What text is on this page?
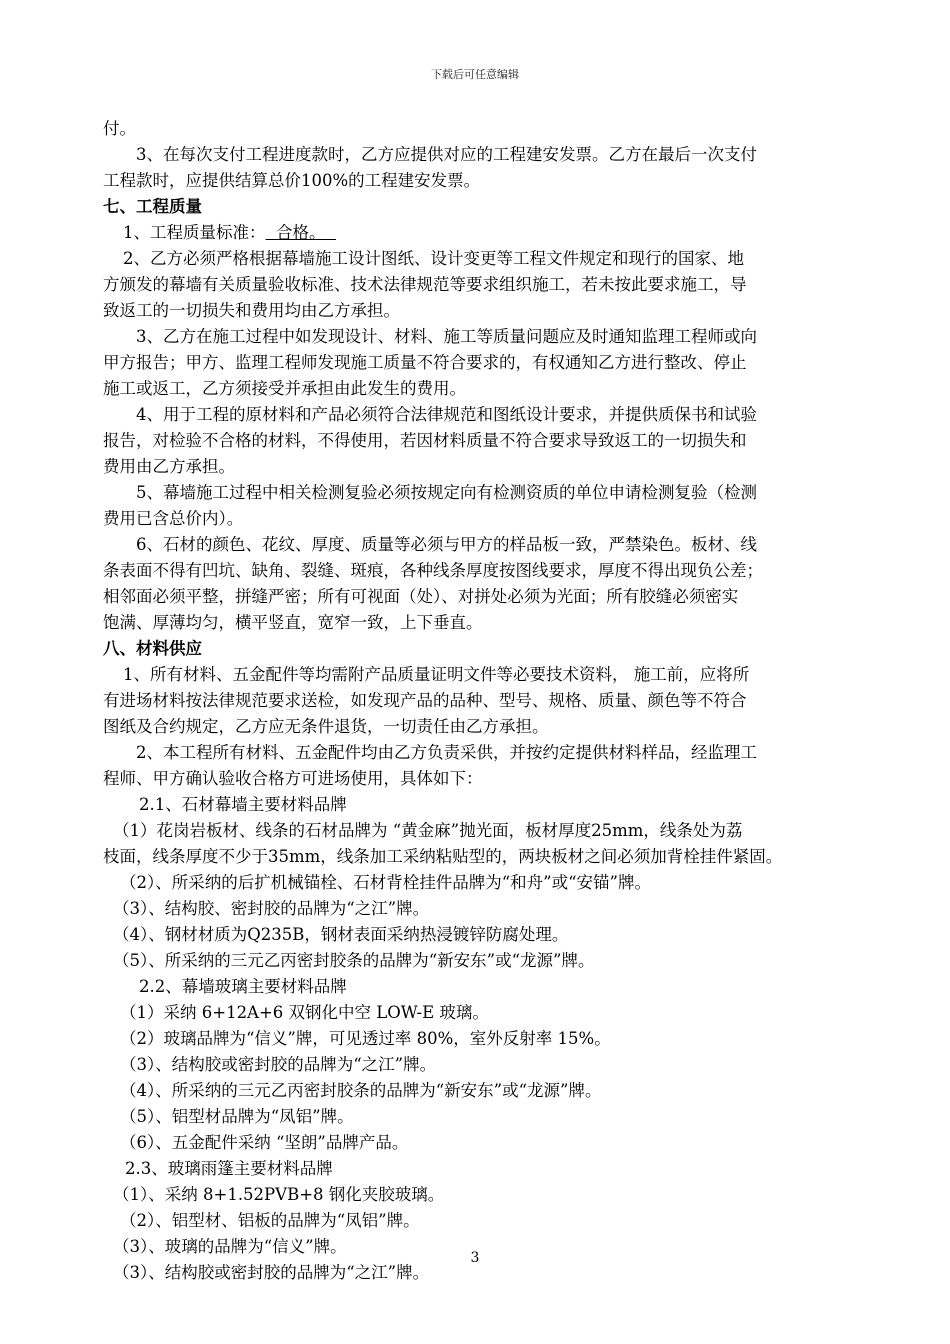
下载后可任意编辑

付。

3、在每次支付工程进度款时，乙方应提供对应的工程建安发票。乙方在最后一次支付

工程款时，应提供结算总价100%的工程建安发票。

七、工程质量

1、工程质量标准：  合格。

2、乙方必须严格根据幕墙施工设计图纸、设计变更等工程文件规定和现行的国家、地

方颁发的幕墙有关质量验收标准、技术法律规范等要求组织施工，若未按此要求施工，导

致返工的一切损失和费用均由乙方承担。

3、乙方在施工过程中如发现设计、材料、施工等质量问题应及时通知监理工程师或向

甲方报告；甲方、监理工程师发现施工质量不符合要求的，有权通知乙方进行整改、停止

施工或返工，乙方须接受并承担由此发生的费用。

4、用于工程的原材料和产品必须符合法律规范和图纸设计要求，并提供质保书和试验

报告，对检验不合格的材料，不得使用，若因材料质量不符合要求导致返工的一切损失和

费用由乙方承担。

5、幕墙施工过程中相关检测复验必须按规定向有检测资质的单位申请检测复验（检测

费用已含总价内）。

6、石材的颜色、花纹、厚度、质量等必须与甲方的样品板一致，严禁染色。板材、线

条表面不得有凹坑、缺角、裂缝、斑痕，各种线条厚度按图线要求，厚度不得出现负公差；

相邻面必须平整，拼缝严密；所有可视面（处）、对拼处必须为光面；所有胶缝必须密实

饱满、厚薄均匀，横平竖直，宽窄一致，上下垂直。

八、材料供应

1、所有材料、五金配件等均需附产品质量证明文件等必要技术资料， 施工前，应将所

有进场材料按法律规范要求送检，如发现产品的品种、型号、规格、质量、颜色等不符合

图纸及合约规定，乙方应无条件退货，一切责任由乙方承担。

2、本工程所有材料、五金配件均由乙方负责采供，并按约定提供材料样品，经监理工

程师、甲方确认验收合格方可进场使用，具体如下：

2.1、石材幕墙主要材料品牌

（1）花岗岩板材、线条的石材品牌为 “黄金麻”抛光面，板材厚度25mm，线条处为荔

枝面，线条厚度不少于35mm，线条加工采纳粘贴型的，两块板材之间必须加背栓挂件紧固。

（2）、所采纳的后扩机械锚栓、石材背栓挂件品牌为“和舟”或“安锚”牌。

（3）、结构胶、密封胶的品牌为“之江”牌。

（4）、钢材材质为Q235B，钢材表面采纳热浸镀锌防腐处理。

（5）、所采纳的三元乙丙密封胶条的品牌为“新安东”或“龙源”牌。

2.2、幕墙玻璃主要材料品牌

（1）采纳 6+12A+6 双钢化中空 LOW-E 玻璃。

（2）玻璃品牌为“信义”牌，可见透过率 80%，室外反射率 15%。

（3）、结构胶或密封胶的品牌为“之江”牌。

（4）、所采纳的三元乙丙密封胶条的品牌为“新安东”或“龙源”牌。

（5）、铝型材品牌为“凤铝”牌。

（6）、五金配件采纳 “坚朗”品牌产品。

2.3、玻璃雨篷主要材料品牌

（1）、采纳 8+1.52PVB+8 钢化夹胶玻璃。

（2）、铝型材、铝板的品牌为“凤铝”牌。

（3）、玻璃的品牌为“信义”牌。

（3）、结构胶或密封胶的品牌为“之江”牌。

3
